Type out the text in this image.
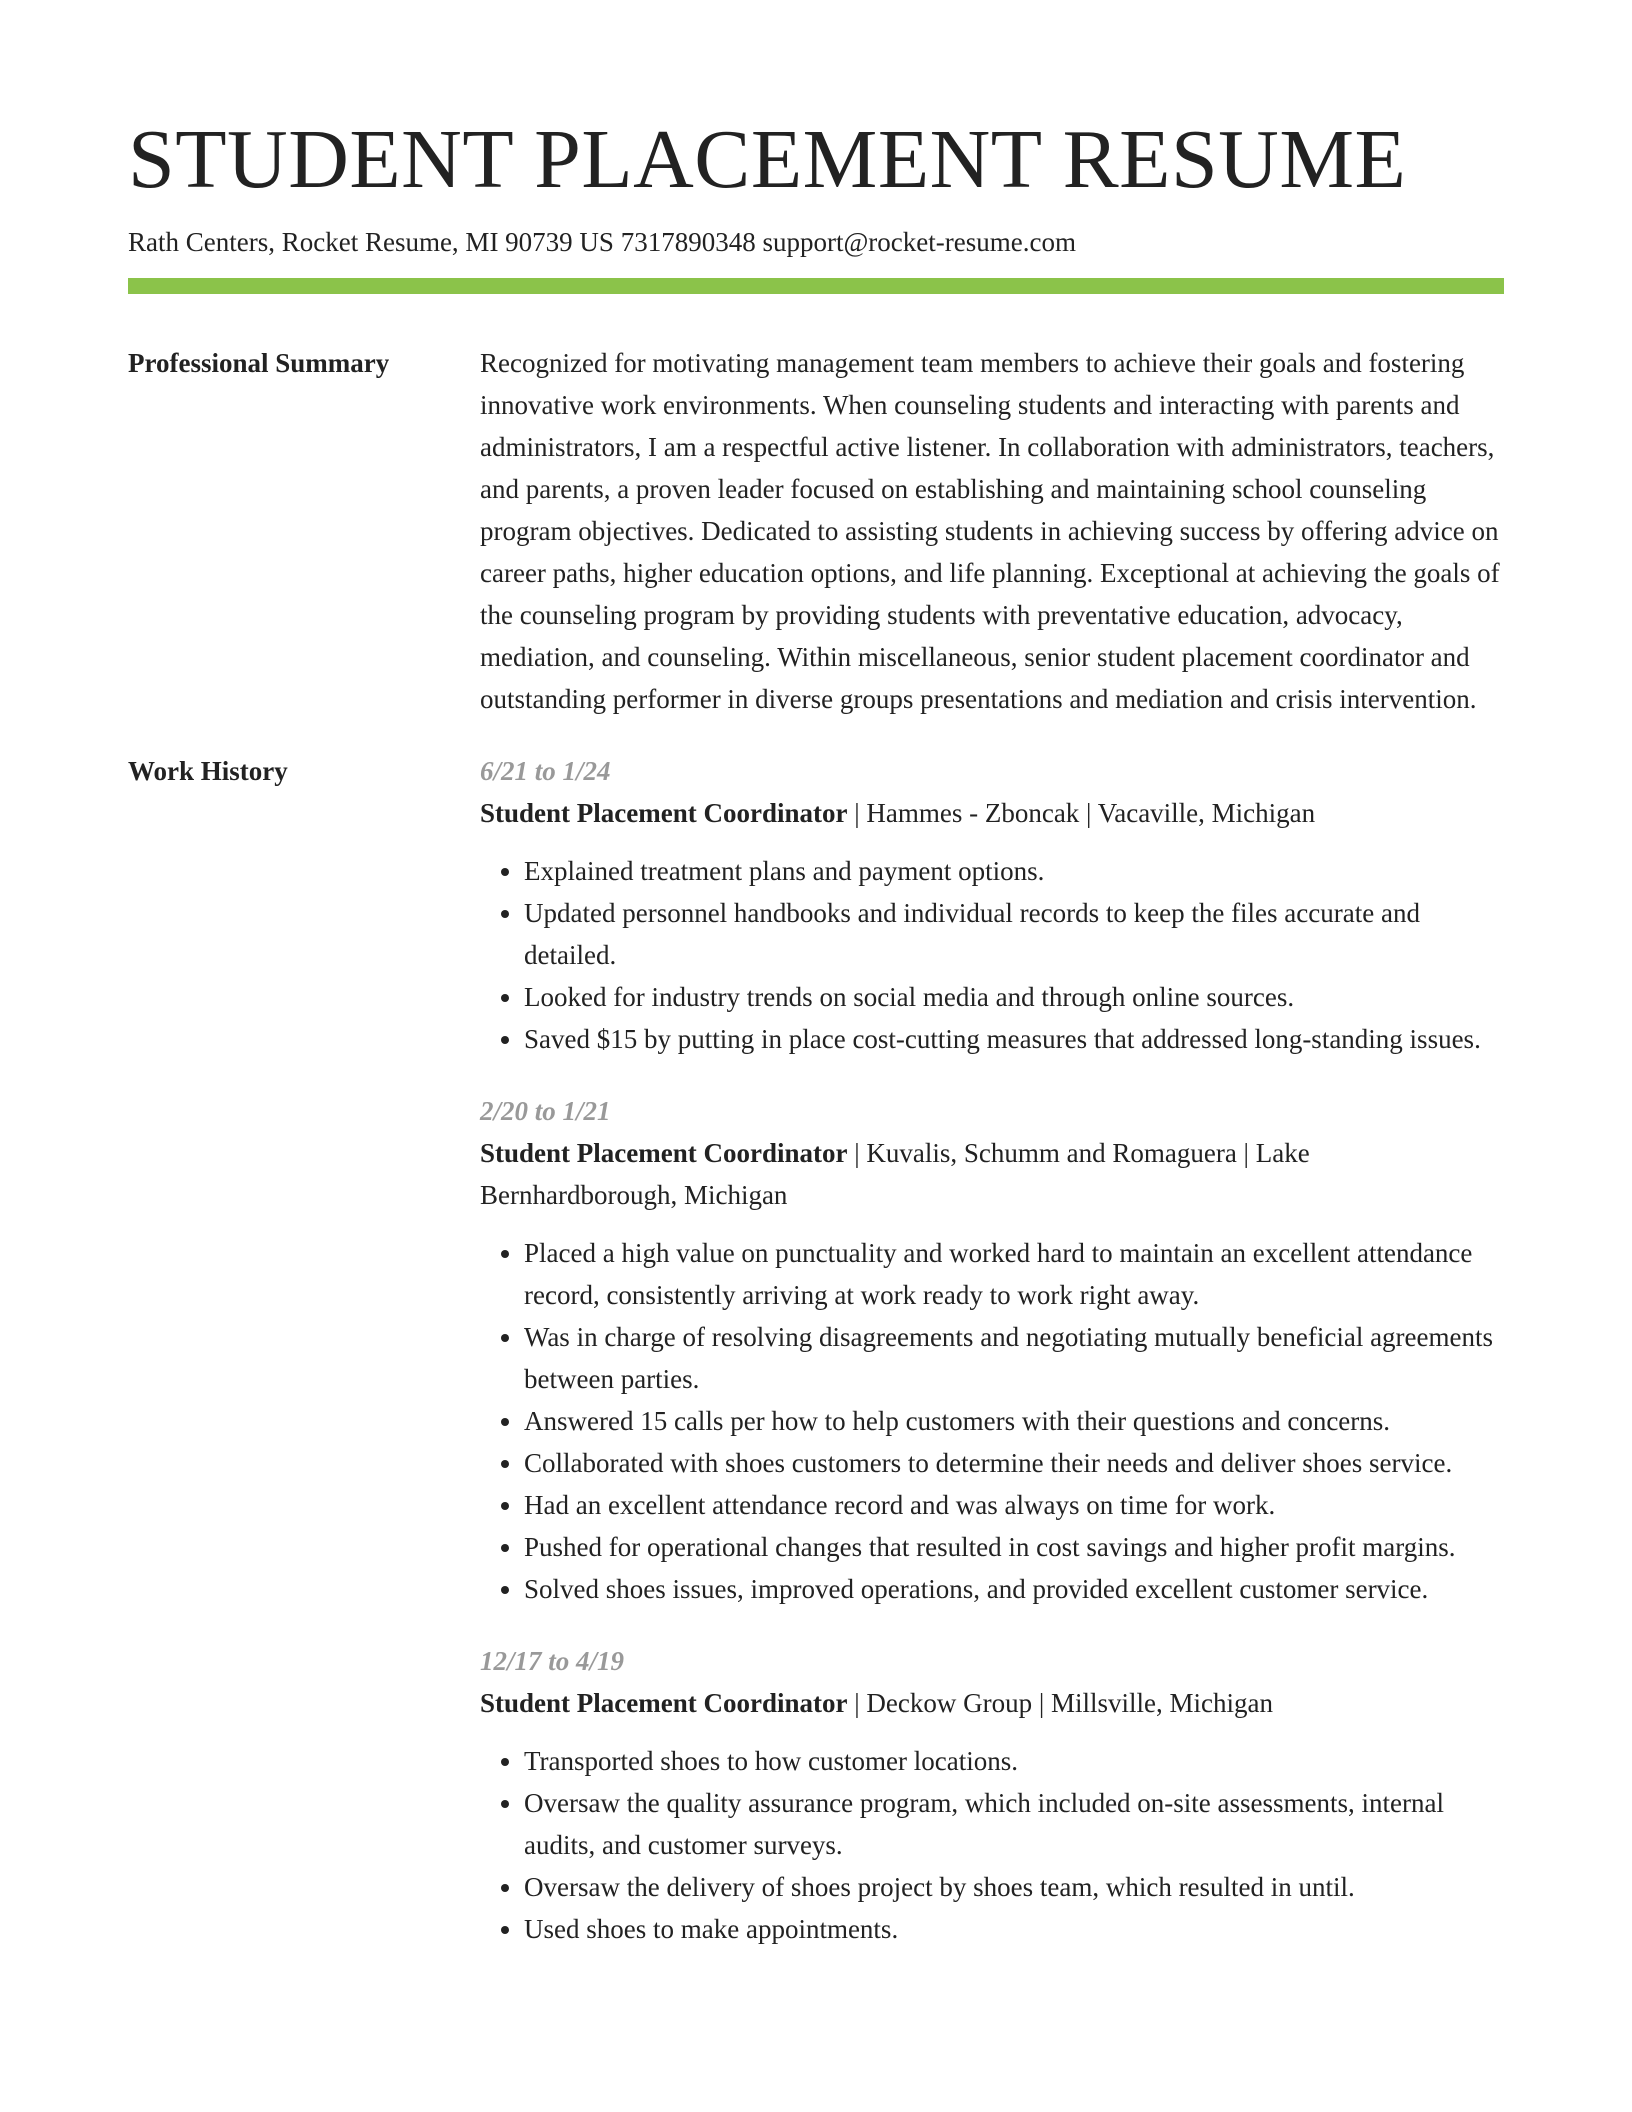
STUDENT PLACEMENT RESUME
Rath Centers, Rocket Resume, MI 90739 US 7317890348 support@rocket-resume.com
Professional Summary	Recognized for motivating management team members to achieve their goals and fostering innovative work environments. When counseling students and interacting with parents and administrators, I am a respectful active listener. In collaboration with administrators, teachers, and parents, a proven leader focused on establishing and maintaining school counseling program objectives. Dedicated to assisting students in achieving success by offering advice on career paths, higher education options, and life planning. Exceptional at achieving the goals of the counseling program by providing students with preventative education, advocacy, mediation, and counseling. Within miscellaneous, senior student placement coordinator and outstanding performer in diverse groups presentations and mediation and crisis intervention.

Work History	6/21 to 1/24

Student Placement Coordinator | Hammes - Zboncak | Vacaville, Michigan

• Explained treatment plans and payment options.
• Updated personnel handbooks and individual records to keep the files accurate and detailed.
• Looked for industry trends on social media and through online sources.
• Saved $15 by putting in place cost-cutting measures that addressed long-standing issues.
2/20 to 1/21

Student Placement Coordinator | Kuvalis, Schumm and Romaguera | Lake Bernhardborough, Michigan

• Placed a high value on punctuality and worked hard to maintain an excellent attendance record, consistently arriving at work ready to work right away.
• Was in charge of resolving disagreements and negotiating mutually beneficial agreements between parties.
• Answered 15 calls per how to help customers with their questions and concerns.
• Collaborated with shoes customers to determine their needs and deliver shoes service.
• Had an excellent attendance record and was always on time for work.
• Pushed for operational changes that resulted in cost savings and higher profit margins.
• Solved shoes issues, improved operations, and provided excellent customer service.
12/17 to 4/19

Student Placement Coordinator | Deckow Group | Millsville, Michigan

• Transported shoes to how customer locations.
• Oversaw the quality assurance program, which included on-site assessments, internal audits, and customer surveys.
• Oversaw the delivery of shoes project by shoes team, which resulted in until.
• Used shoes to make appointments.
